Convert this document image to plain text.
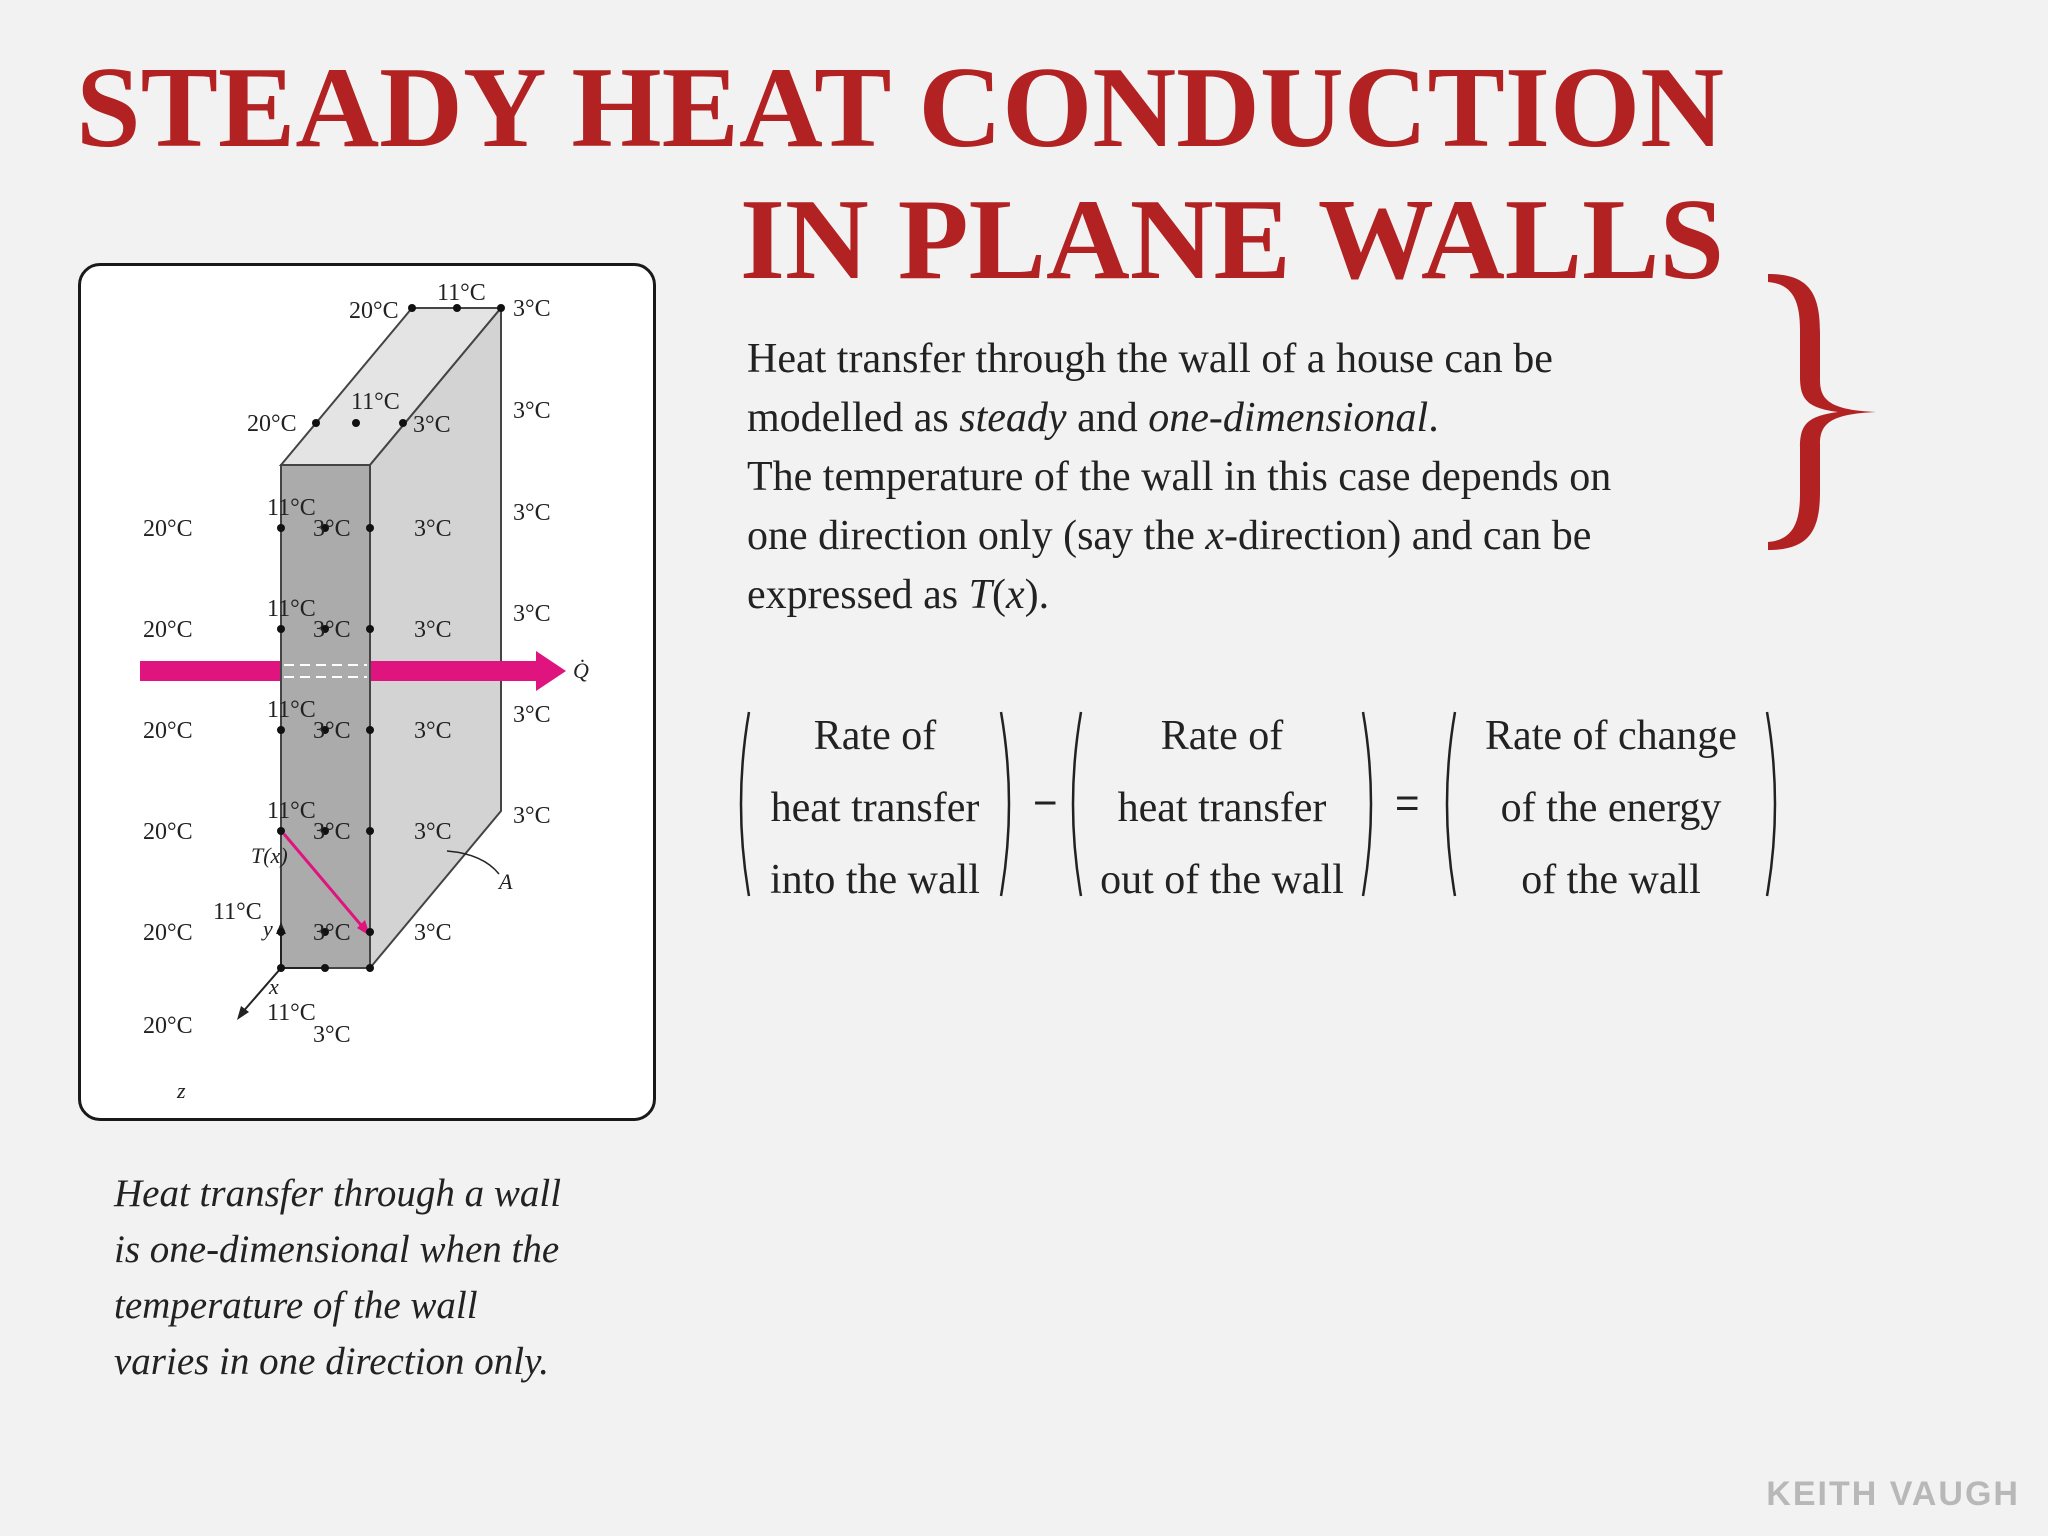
STEADY HEAT CONDUCTION
IN PLANE WALLS
Q̇
T(x)
A
y
x
z
20°C
11°C
3°C
20°C
11°C
3°C
3°C
20°C
11°C
3°C	3°C
3°C
20°C
11°C
3°C	3°C
3°C
20°C
11°C
3°C	3°C
3°C
20°C
11°C
3°C	3°C
3°C
20°C
11°C
3°C	3°C
20°C	11°C
3°C
Heat transfer through a wall
is one-dimensional when the
temperature of the wall
varies in one direction only.
Heat transfer through the wall of a house can be
modelled as steady and one-dimensional.
The temperature of the wall in this case depends on
one direction only (say the x-direction) and can be
expressed as T(x).
Rate of
heat transfer
into the wall
−
Rate of
heat transfer
out of the wall
=
Rate of change
of the energy
of the wall
KEITH VAUGH
